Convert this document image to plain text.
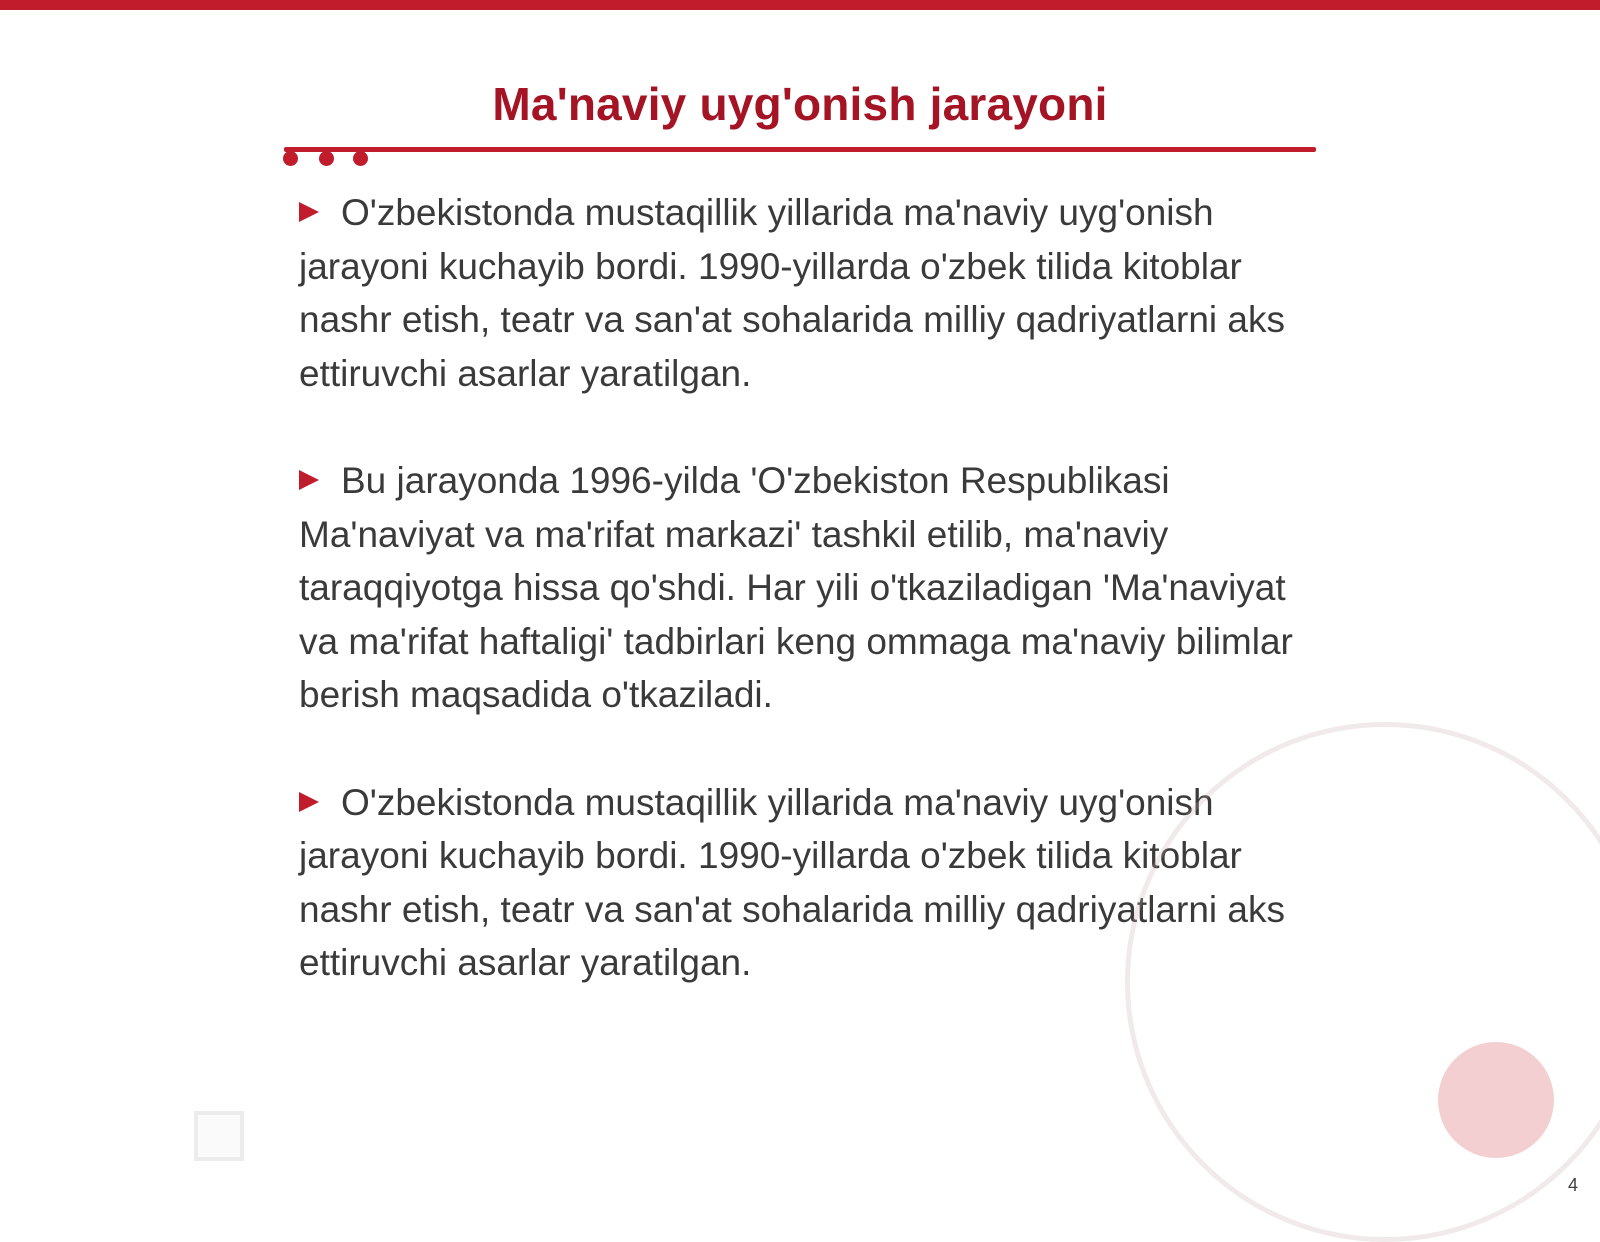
Ma'naviy uyg'onish jarayoni

O'zbekistonda mustaqillik yillarida ma'naviy uyg'onish jarayoni kuchayib bordi. 1990-yillarda o'zbek tilida kitoblar nashr etish, teatr va san'at sohalarida milliy qadriyatlarni aks ettiruvchi asarlar yaratilgan.

Bu jarayonda 1996-yilda 'O'zbekiston Respublikasi Ma'naviyat va ma'rifat markazi' tashkil etilib, ma'naviy taraqqiyotga hissa qo'shdi. Har yili o'tkaziladigan 'Ma'naviyat va ma'rifat haftaligi' tadbirlari keng ommaga ma'naviy bilimlar berish maqsadida o'tkaziladi.

O'zbekistonda mustaqillik yillarida ma'naviy uyg'onish jarayoni kuchayib bordi. 1990-yillarda o'zbek tilida kitoblar nashr etish, teatr va san'at sohalarida milliy qadriyatlarni aks ettiruvchi asarlar yaratilgan.

4
